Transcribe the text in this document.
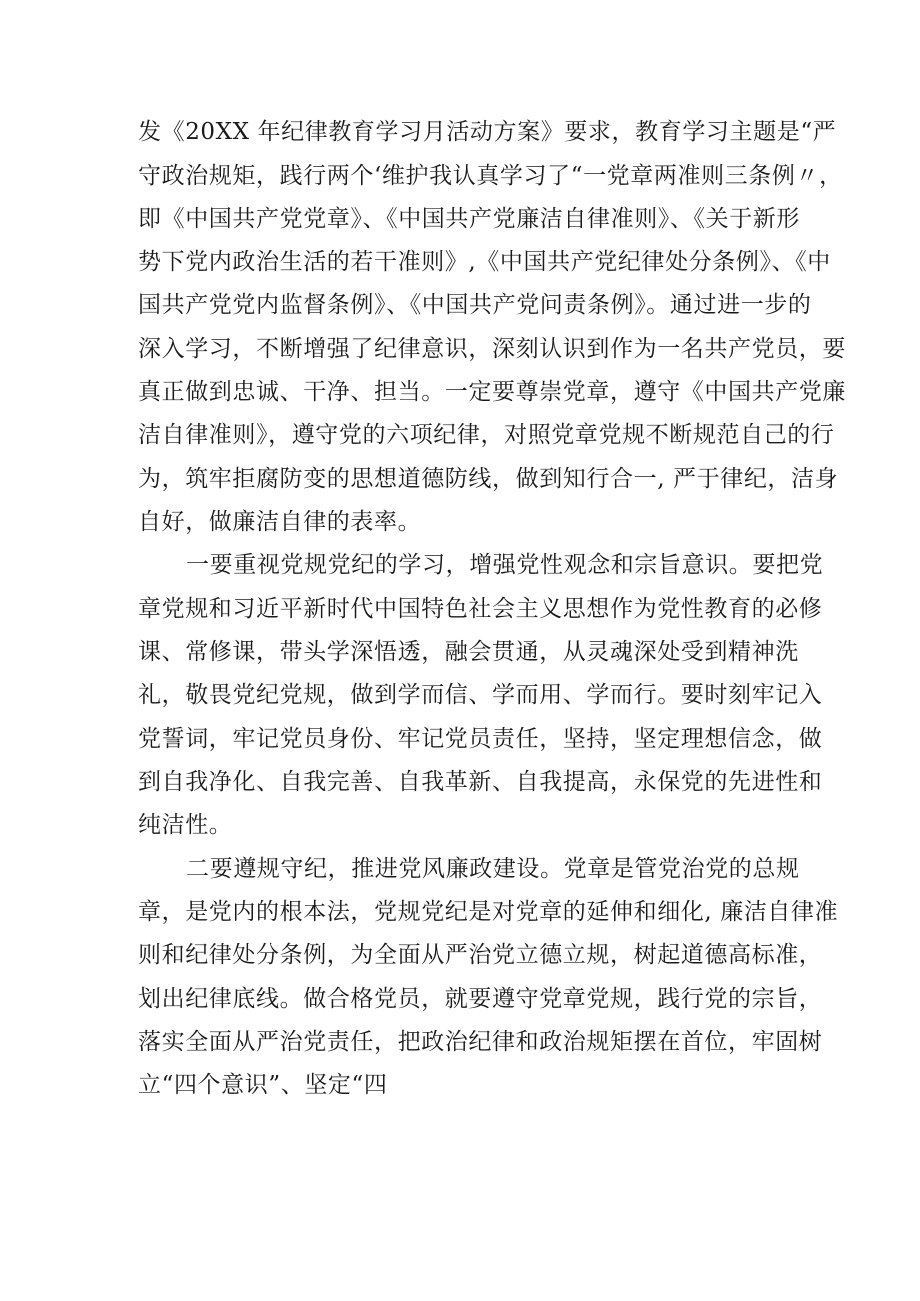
发《20XX 年纪律教育学习月活动方案》要求，教育学习主题是“严
守政治规矩，践行两个‘维护我认真学习了“一党章两准则三条例〃，
即《中国共产党党章》、《中国共产党廉洁自律准则》、《关于新形
势下党内政治生活的若干准则》,《中国共产党纪律处分条例》、《中
国共产党党内监督条例》、《中国共产党问责条例》。通过进一步的
深入学习，不断增强了纪律意识，深刻认识到作为一名共产党员，要
真正做到忠诚、干净、担当。一定要尊崇党章，遵守《中国共产党廉
洁自律准则》，遵守党的六项纪律，对照党章党规不断规范自己的行
为，筑牢拒腐防变的思想道德防线，做到知行合一, 严于律纪，洁身
自好，做廉洁自律的表率。
一要重视党规党纪的学习，增强党性观念和宗旨意识。要把党
章党规和习近平新时代中国特色社会主义思想作为党性教育的必修
课、常修课，带头学深悟透，融会贯通，从灵魂深处受到精神洗
礼，敬畏党纪党规，做到学而信、学而用、学而行。要时刻牢记入
党誓词，牢记党员身份、牢记党员责任，坚持，坚定理想信念，做
到自我净化、自我完善、自我革新、自我提高，永保党的先进性和
纯洁性。
二要遵规守纪，推进党风廉政建设。党章是管党治党的总规
章，是党内的根本法，党规党纪是对党章的延伸和细化, 廉洁自律准
则和纪律处分条例，为全面从严治党立德立规，树起道德高标准，
划出纪律底线。做合格党员，就要遵守党章党规，践行党的宗旨，
落实全面从严治党责任，把政治纪律和政治规矩摆在首位，牢固树
立“四个意识”、坚定“四
